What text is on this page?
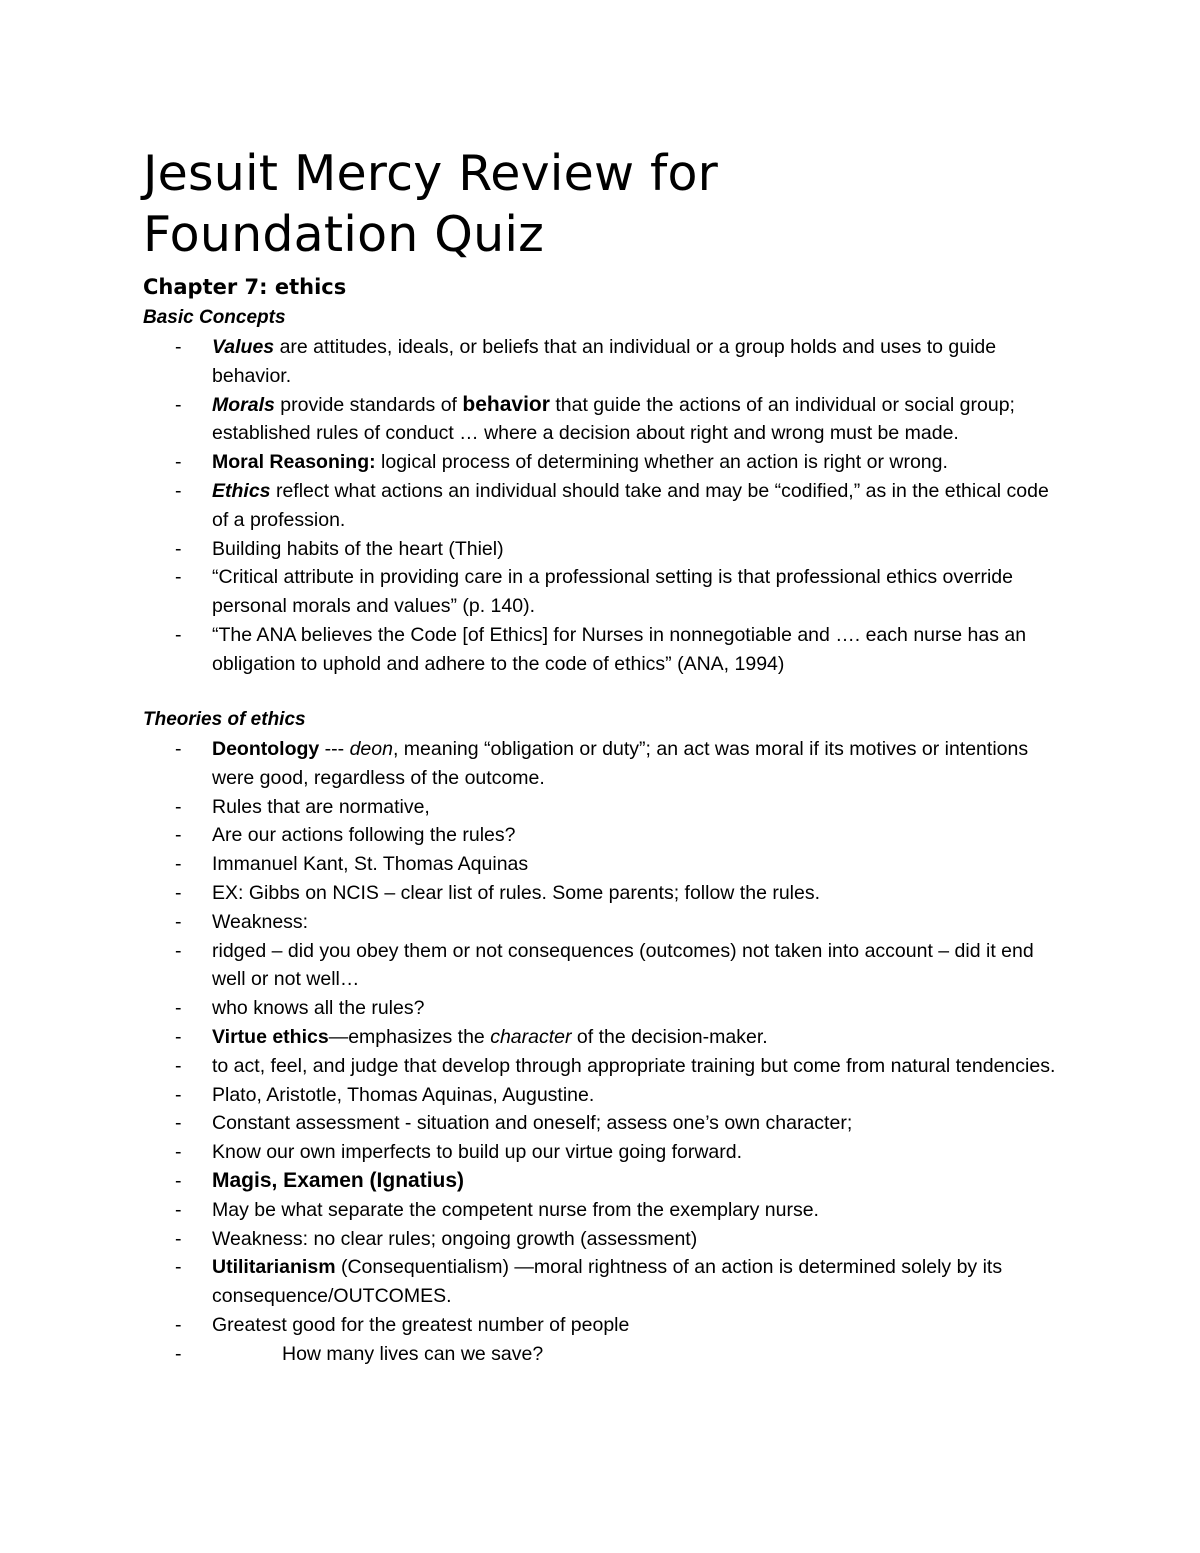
Jesuit Mercy Review for
Foundation Quiz
Chapter 7: ethics
Basic Concepts
- Values are attitudes, ideals, or beliefs that an individual or a group holds and uses to guide behavior.
- Morals provide standards of behavior that guide the actions of an individual or social group; established rules of conduct … where a decision about right and wrong must be made.
- Moral Reasoning: logical process of determining whether an action is right or wrong.
- Ethics reflect what actions an individual should take and may be “codified,” as in the ethical code of a profession.
- Building habits of the heart (Thiel)
- “Critical attribute in providing care in a professional setting is that professional ethics override personal morals and values” (p. 140).
- “The ANA believes the Code [of Ethics] for Nurses in nonnegotiable and …. each nurse has an obligation to uphold and adhere to the code of ethics” (ANA, 1994)
Theories of ethics
- Deontology --- deon, meaning “obligation or duty”; an act was moral if its motives or intentions were good, regardless of the outcome.
- Rules that are normative,
- Are our actions following the rules?
- Immanuel Kant, St. Thomas Aquinas
- EX: Gibbs on NCIS – clear list of rules. Some parents; follow the rules.
- Weakness:
- ridged – did you obey them or not consequences (outcomes) not taken into account – did it end well or not well…
- who knows all the rules?
- Virtue ethics—emphasizes the character of the decision-maker.
- to act, feel, and judge that develop through appropriate training but come from natural tendencies.
- Plato, Aristotle, Thomas Aquinas, Augustine.
- Constant assessment - situation and oneself; assess one’s own character;
- Know our own imperfects to build up our virtue going forward.
- Magis, Examen (Ignatius)
- May be what separate the competent nurse from the exemplary nurse.
- Weakness: no clear rules; ongoing growth (assessment)
- Utilitarianism (Consequentialism) —moral rightness of an action is determined solely by its consequence/OUTCOMES.
- Greatest good for the greatest number of people
- How many lives can we save?
